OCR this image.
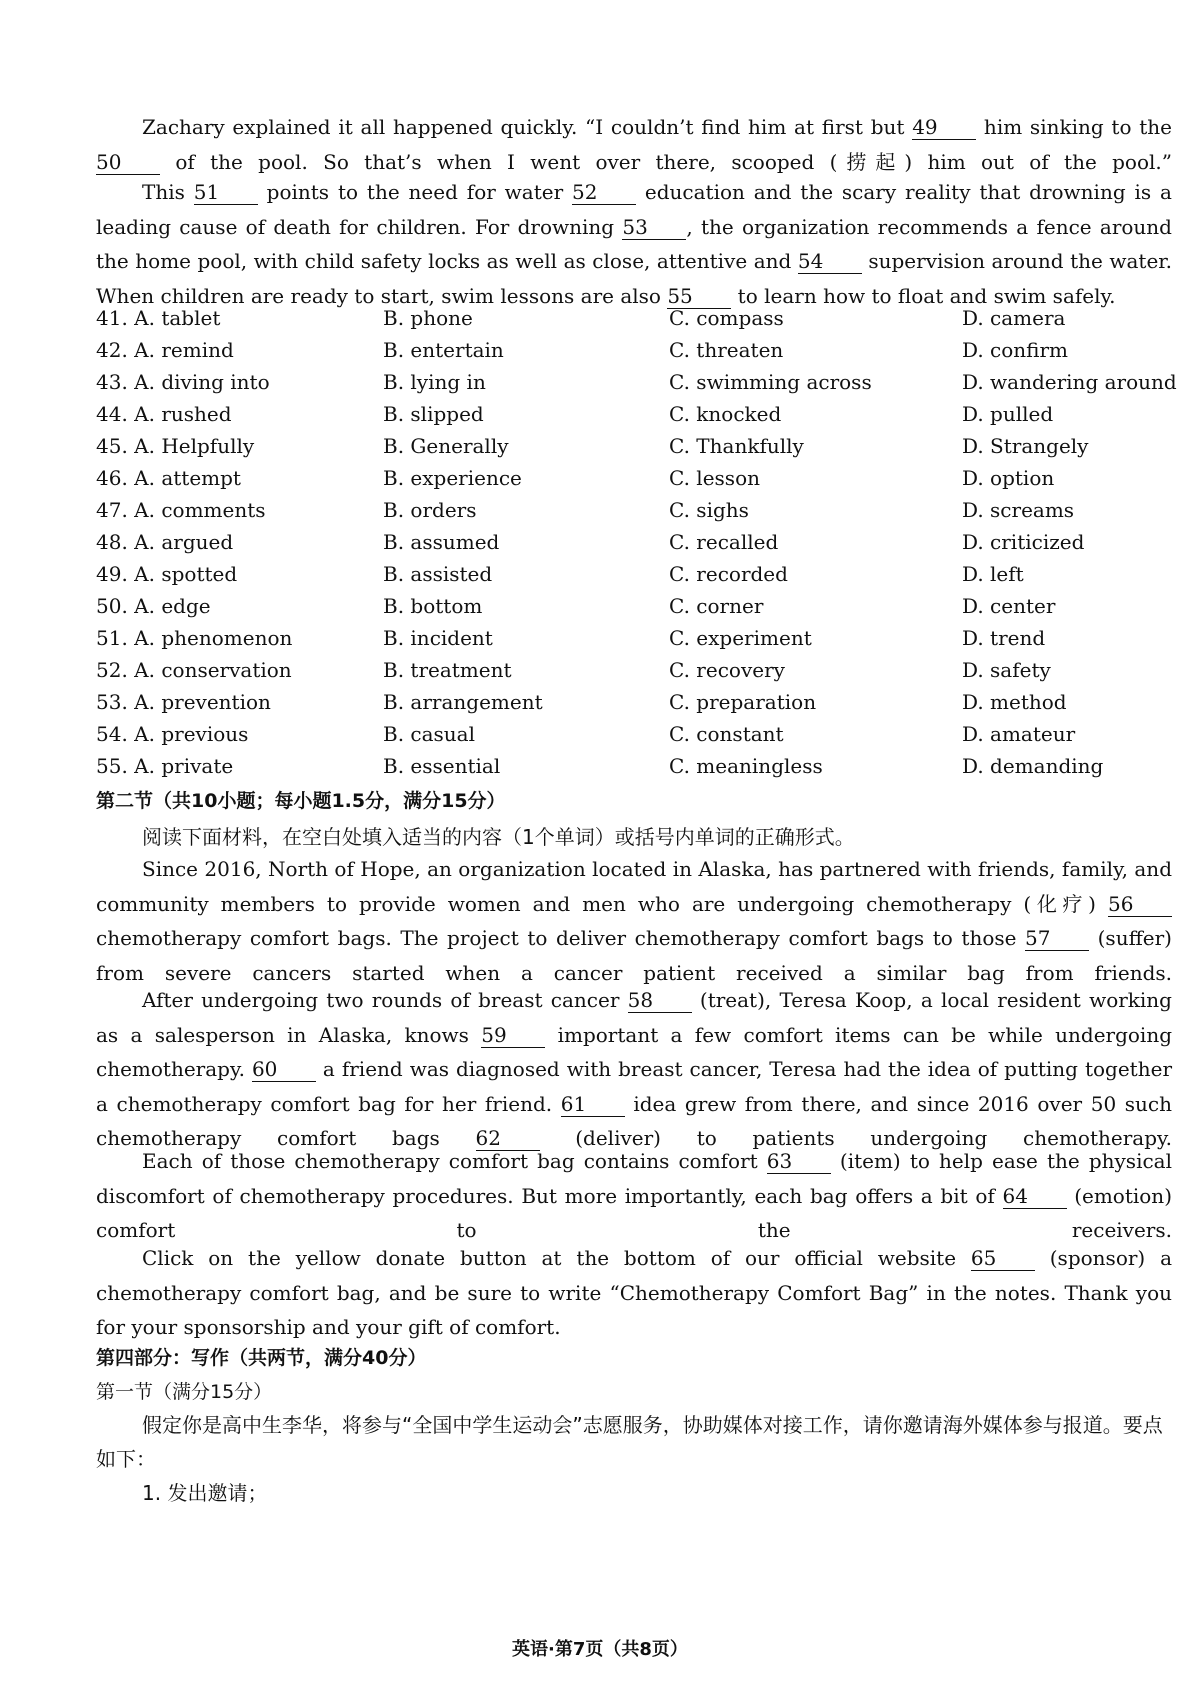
Zachary explained it all happened quickly. “I couldn’t find him at first but 49 him sinking to the 50 of the pool. So that’s when I went over there, scooped (捞起) him out of the pool.”

This 51 points to the need for water 52 education and the scary reality that drowning is a leading cause of death for children. For drowning 53 , the organization recommends a fence around the home pool, with child safety locks as well as close, attentive and 54 supervision around the water. When children are ready to start, swim lessons are also 55 to learn how to float and swim safely.

41. A. tablet	B. phone	C. compass	D. camera
42. A. remind	B. entertain	C. threaten	D. confirm
43. A. diving into	B. lying in	C. swimming across	D. wandering around
44. A. rushed	B. slipped	C. knocked	D. pulled
45. A. Helpfully	B. Generally	C. Thankfully	D. Strangely
46. A. attempt	B. experience	C. lesson	D. option
47. A. comments	B. orders	C. sighs	D. screams
48. A. argued	B. assumed	C. recalled	D. criticized
49. A. spotted	B. assisted	C. recorded	D. left
50. A. edge	B. bottom	C. corner	D. center
51. A. phenomenon	B. incident	C. experiment	D. trend
52. A. conservation	B. treatment	C. recovery	D. safety
53. A. prevention	B. arrangement	C. preparation	D. method
54. A. previous	B. casual	C. constant	D. amateur
55. A. private	B. essential	C. meaningless	D. demanding

第二节（共10小题；每小题1.5分，满分15分）

阅读下面材料，在空白处填入适当的内容（1个单词）或括号内单词的正确形式。

Since 2016, North of Hope, an organization located in Alaska, has partnered with friends, family, and community members to provide women and men who are undergoing chemotherapy (化疗) 56 chemotherapy comfort bags. The project to deliver chemotherapy comfort bags to those 57 (suffer) from severe cancers started when a cancer patient received a similar bag from friends.

After undergoing two rounds of breast cancer 58 (treat), Teresa Koop, a local resident working as a salesperson in Alaska, knows 59 important a few comfort items can be while undergoing chemotherapy. 60 a friend was diagnosed with breast cancer, Teresa had the idea of putting together a chemotherapy comfort bag for her friend. 61 idea grew from there, and since 2016 over 50 such chemotherapy comfort bags 62 (deliver) to patients undergoing chemotherapy.

Each of those chemotherapy comfort bag contains comfort 63 (item) to help ease the physical discomfort of chemotherapy procedures. But more importantly, each bag offers a bit of 64 (emotion) comfort to the receivers.

Click on the yellow donate button at the bottom of our official website 65 (sponsor) a chemotherapy comfort bag, and be sure to write “Chemotherapy Comfort Bag” in the notes. Thank you for your sponsorship and your gift of comfort.

第四部分：写作（共两节，满分40分）

第一节（满分15分）

假定你是高中生李华，将参与“全国中学生运动会”志愿服务，协助媒体对接工作，请你邀请海外媒体参与报道。要点如下：

1. 发出邀请；

英语·第7页（共8页）
